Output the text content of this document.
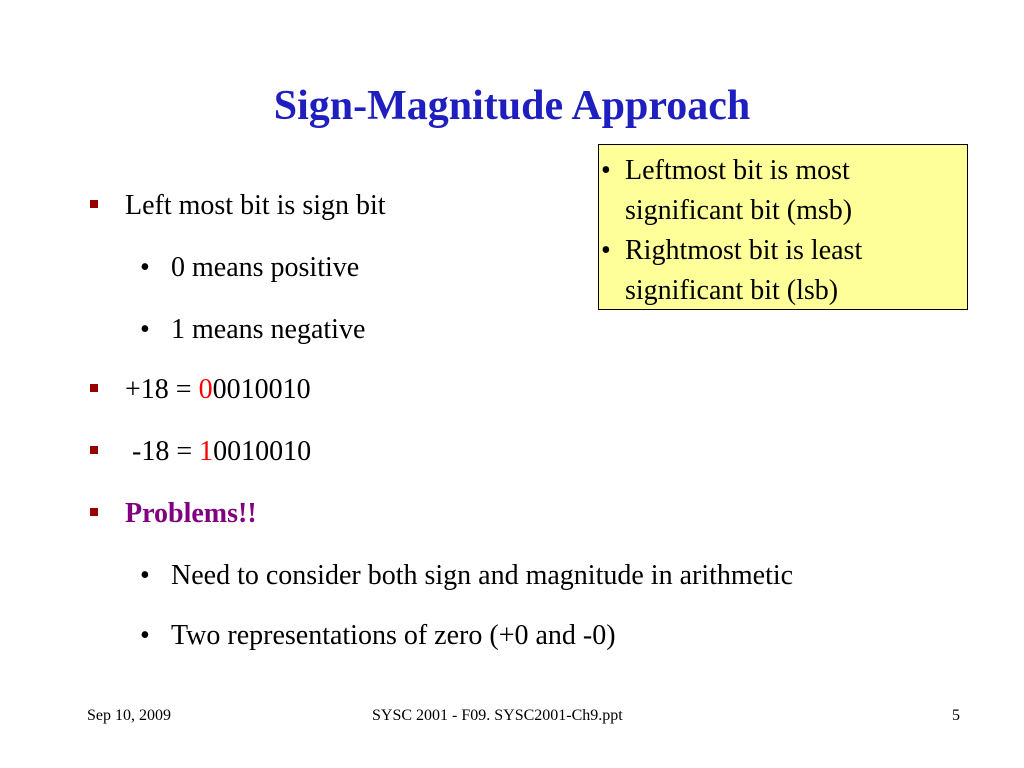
Sign-Magnitude Approach
• Leftmost bit is most
significant bit (msb)
• Rightmost bit is least
significant bit (lsb)
Left most bit is sign bit
• 0 means positive
• 1 means negative
+18 = 00010010
-18 = 10010010
Problems!!
• Need to consider both sign and magnitude in arithmetic
• Two representations of zero (+0 and -0)
Sep 10, 2009	SYSC 2001 - F09. SYSC2001-Ch9.ppt	5
